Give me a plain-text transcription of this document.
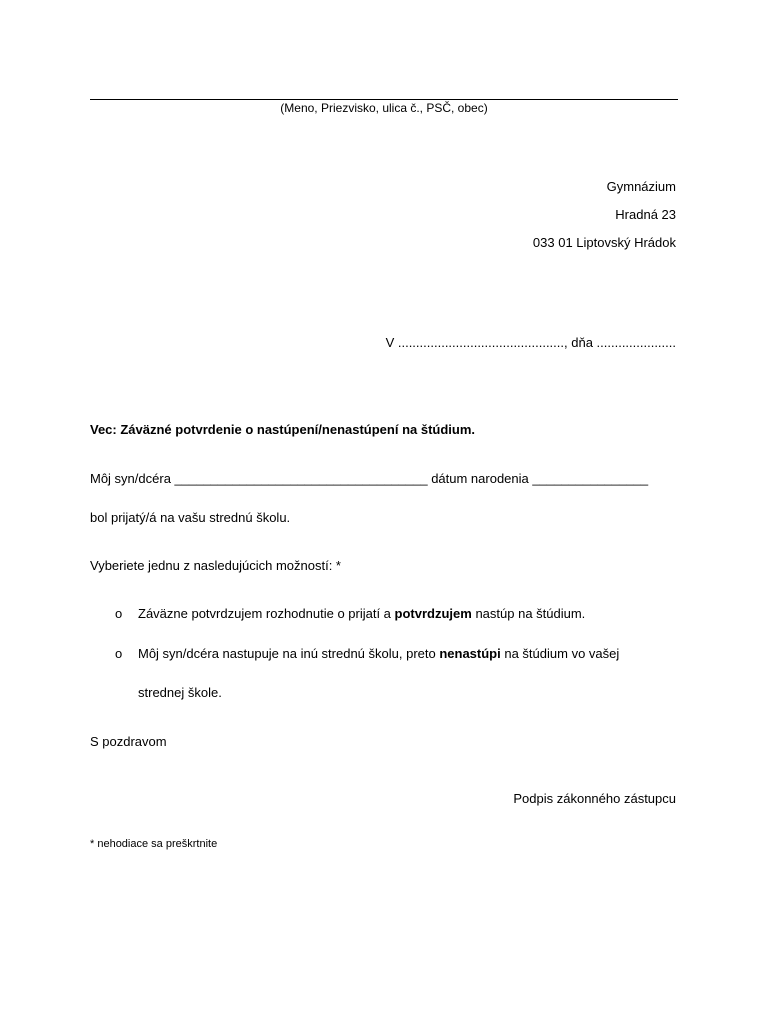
(Meno, Priezvisko, ulica č., PSČ, obec)
Gymnázium
Hradná 23
033 01 Liptovský Hrádok
V .............................................., dňa ......................
Vec: Záväzné potvrdenie o nastúpení/nenastúpení na štúdium.
Môj syn/dcéra ___________________________________ dátum narodenia ________________
bol prijatý/á na vašu strednú školu.
Vyberiete jednu z nasledujúcich možností: *
o Záväzne potvrdzujem rozhodnutie o prijatí a potvrdzujem nastúp na štúdium.
o Môj syn/dcéra nastupuje na inú strednú školu, preto nenastúpi na štúdium vo vašej
strednej škole.
S pozdravom
Podpis zákonného zástupcu
* nehodiace sa preškrtnite
